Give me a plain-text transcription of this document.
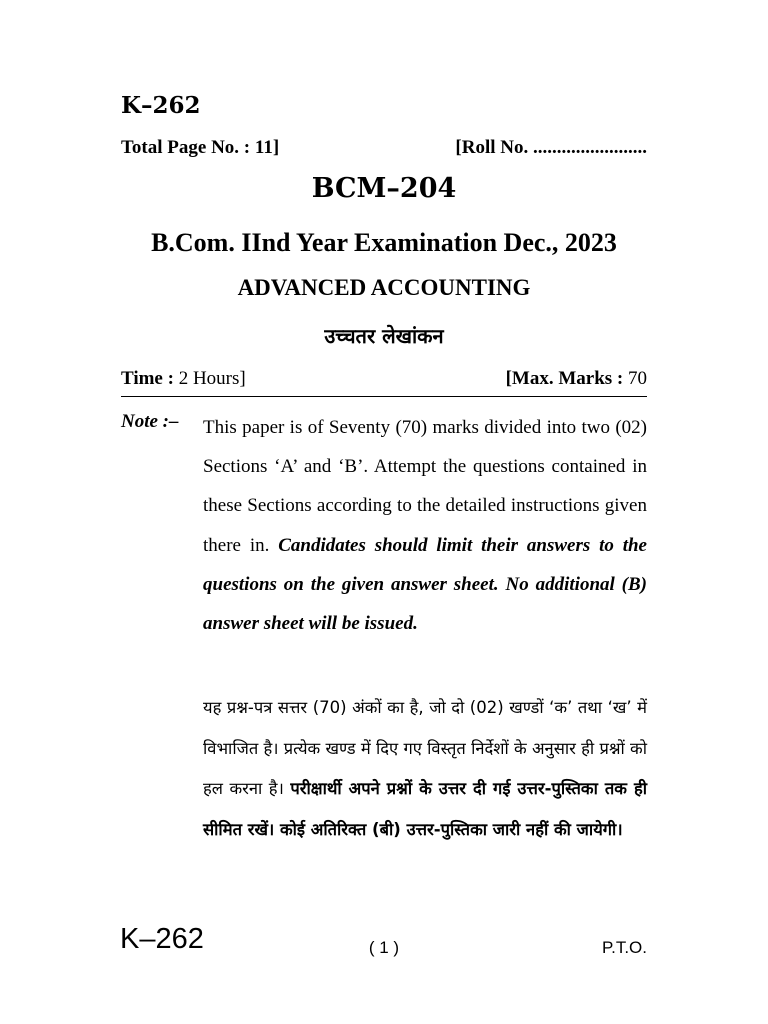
K–262
Total Page No. : 11]	[Roll No. ........................
BCM–204
B.Com. IInd Year Examination Dec., 2023
ADVANCED ACCOUNTING
उच्चतर लेखांकन
Time : 2 Hours]	[Max. Marks : 70
Note :– This paper is of Seventy (70) marks divided into two (02) Sections ‘A’ and ‘B’. Attempt the questions contained in these Sections according to the detailed instructions given there in. Candidates should limit their answers to the questions on the given answer sheet. No additional (B) answer sheet will be issued.
यह प्रश्न-पत्र सत्तर (70) अंकों का है, जो दो (02) खण्डों ‘क’ तथा ‘ख’ में विभाजित है। प्रत्येक खण्ड में दिए गए विस्तृत निर्देशों के अनुसार ही प्रश्नों को हल करना है। परीक्षार्थी अपने प्रश्नों के उत्तर दी गई उत्तर-पुस्तिका तक ही सीमित रखें। कोई अतिरिक्त (बी) उत्तर-पुस्तिका जारी नहीं की जायेगी।
K–262	( 1 )	P.T.O.
